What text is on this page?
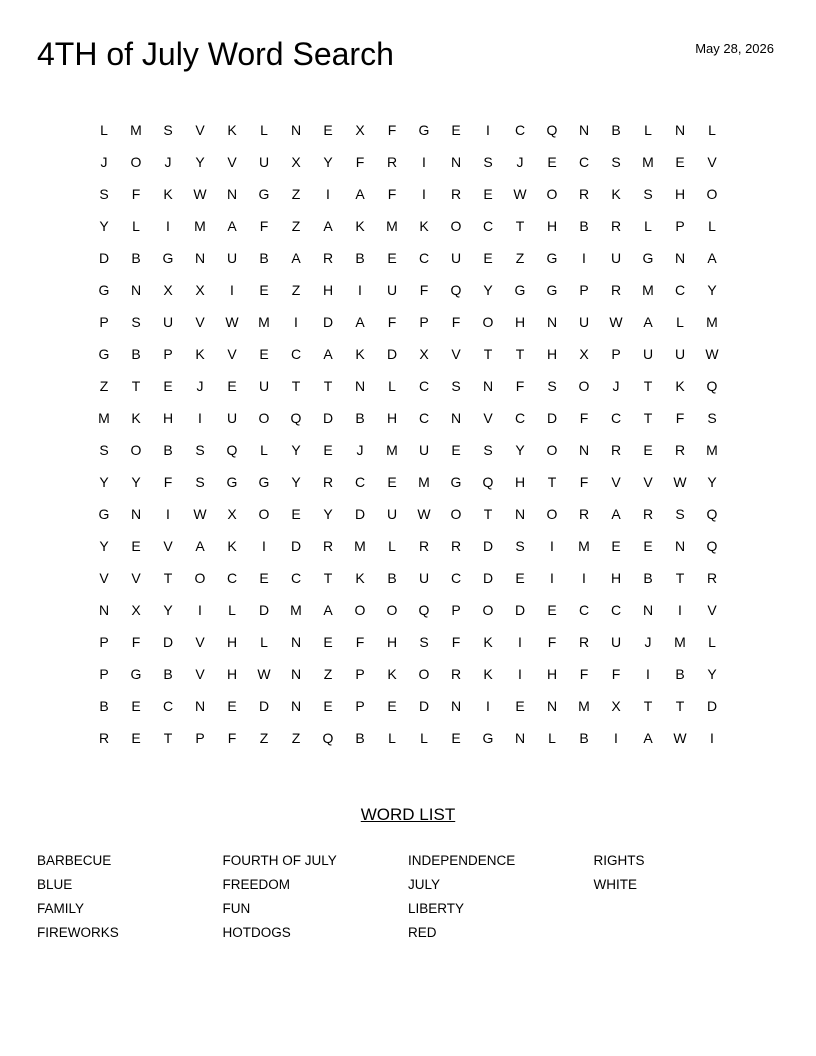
4TH of July Word Search	May 28, 2026
L	M	S	V	K	L	N	E	X	F	G	E	I	C	Q	N	B	L	N	L
J	O	J	Y	V	U	X	Y	F	R	I	N	S	J	E	C	S	M	E	V
S	F	K	W	N	G	Z	I	A	F	I	R	E	W	O	R	K	S	H	O
Y	L	I	M	A	F	Z	A	K	M	K	O	C	T	H	B	R	L	P	L
D	B	G	N	U	B	A	R	B	E	C	U	E	Z	G	I	U	G	N	A
G	N	X	X	I	E	Z	H	I	U	F	Q	Y	G	G	P	R	M	C	Y
P	S	U	V	W	M	I	D	A	F	P	F	O	H	N	U	W	A	L	M
G	B	P	K	V	E	C	A	K	D	X	V	T	T	H	X	P	U	U	W
Z	T	E	J	E	U	T	T	N	L	C	S	N	F	S	O	J	T	K	Q
M	K	H	I	U	O	Q	D	B	H	C	N	V	C	D	F	C	T	F	S
S	O	B	S	Q	L	Y	E	J	M	U	E	S	Y	O	N	R	E	R	M
Y	Y	F	S	G	G	Y	R	C	E	M	G	Q	H	T	F	V	V	W	Y
G	N	I	W	X	O	E	Y	D	U	W	O	T	N	O	R	A	R	S	Q
Y	E	V	A	K	I	D	R	M	L	R	R	D	S	I	M	E	E	N	Q
V	V	T	O	C	E	C	T	K	B	U	C	D	E	I	I	H	B	T	R
N	X	Y	I	L	D	M	A	O	O	Q	P	O	D	E	C	C	N	I	V
P	F	D	V	H	L	N	E	F	H	S	F	K	I	F	R	U	J	M	L
P	G	B	V	H	W	N	Z	P	K	O	R	K	I	H	F	F	I	B	Y
B	E	C	N	E	D	N	E	P	E	D	N	I	E	N	M	X	T	T	D
R	E	T	P	F	Z	Z	Q	B	L	L	E	G	N	L	B	I	A	W	I
WORD LIST
BARBECUE
BLUE
FAMILY
FIREWORKS
FOURTH OF JULY
FREEDOM
FUN
HOTDOGS
INDEPENDENCE
JULY
LIBERTY
RED
RIGHTS
WHITE
